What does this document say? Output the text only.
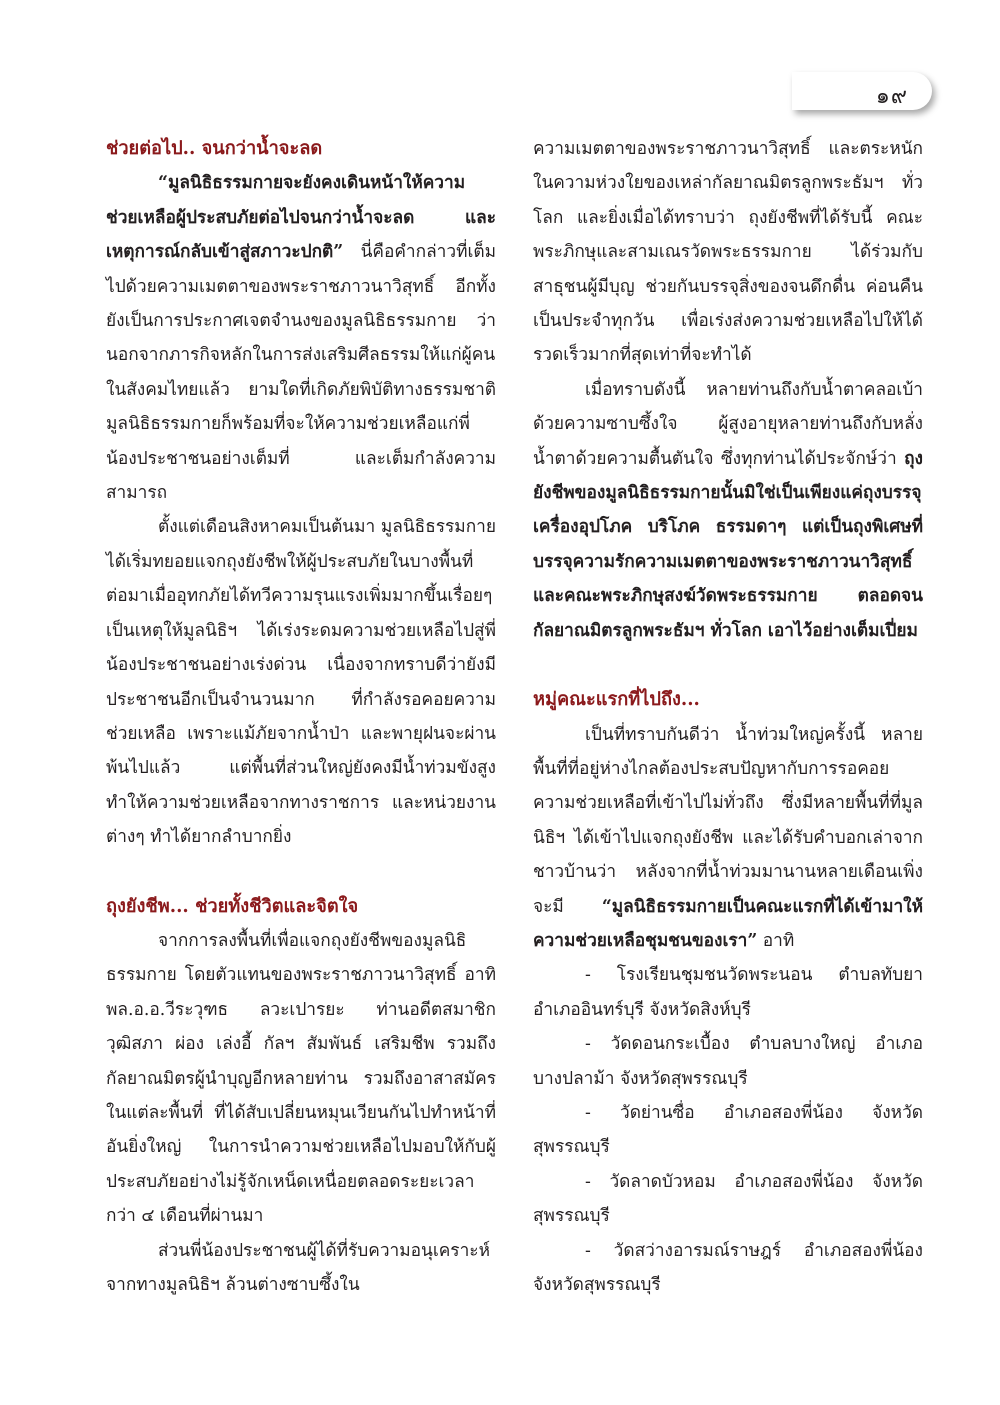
๑๙
ช่วยต่อไป.. จนกว่าน้ำจะลด

“มูลนิธิธรรมกายจะยังคงเดินหน้าให้ความช่วยเหลือผู้ประสบภัยต่อไปจนกว่าน้ำจะลด และเหตุการณ์กลับเข้าสู่สภาวะปกติ” นี่คือคำกล่าวที่เต็มไปด้วยความเมตตาของพระราชภาวนาวิสุทธิ์ อีกทั้งยังเป็นการประกาศเจตจำนงของมูลนิธิธรรมกาย ว่า นอกจากภารกิจหลักในการส่งเสริมศีลธรรมให้แก่ผู้คนในสังคมไทยแล้ว ยามใดที่เกิดภัยพิบัติทางธรรมชาติ มูลนิธิธรรมกายก็พร้อมที่จะให้ความช่วยเหลือแก่พี่น้องประชาชนอย่างเต็มที่ และเต็มกำลังความสามารถ

ตั้งแต่เดือนสิงหาคมเป็นต้นมา มูลนิธิธรรมกายได้เริ่มทยอยแจกถุงยังชีพให้ผู้ประสบภัยในบางพื้นที่ ต่อมาเมื่ออุทกภัยได้ทวีความรุนแรงเพิ่มมากขึ้นเรื่อยๆ เป็นเหตุให้มูลนิธิฯ ได้เร่งระดมความช่วยเหลือไปสู่พี่น้องประชาชนอย่างเร่งด่วน เนื่องจากทราบดีว่ายังมีประชาชนอีกเป็นจำนวนมาก ที่กำลังรอคอยความช่วยเหลือ เพราะแม้ภัยจากน้ำป่า และพายุฝนจะผ่านพ้นไปแล้ว แต่พื้นที่ส่วนใหญ่ยังคงมีน้ำท่วมขังสูง ทำให้ความช่วยเหลือจากทางราชการ และหน่วยงานต่างๆ ทำได้ยากลำบากยิ่ง

ถุงยังชีพ... ช่วยทั้งชีวิตและจิตใจ

จากการลงพื้นที่เพื่อแจกถุงยังชีพของมูลนิธิธรรมกาย โดยตัวแทนของพระราชภาวนาวิสุทธิ์ อาทิ พล.อ.อ.วีระวุฑธ ลวะเปารยะ ท่านอดีตสมาชิก วุฒิสภา ผ่อง เล่งอี้ กัลฯ สัมพันธ์ เสริมชีพ รวมถึงกัลยาณมิตรผู้นำบุญอีกหลายท่าน รวมถึงอาสาสมัครในแต่ละพื้นที่ ที่ได้สับเปลี่ยนหมุนเวียนกันไปทำหน้าที่อันยิ่งใหญ่ ในการนำความช่วยเหลือไปมอบให้กับผู้ประสบภัยอย่างไม่รู้จักเหน็ดเหนื่อยตลอดระยะเวลากว่า ๔ เดือนที่ผ่านมา

ส่วนพี่น้องประชาชนผู้ได้ที่รับความอนุเคราะห์จากทางมูลนิธิฯ ล้วนต่างซาบซึ้งใน

ความเมตตาของพระราชภาวนาวิสุทธิ์ และตระหนักในความห่วงใยของเหล่ากัลยาณมิตรลูกพระธัมฯ ทั่วโลก และยิ่งเมื่อได้ทราบว่า ถุงยังชีพที่ได้รับนี้ คณะพระภิกษุและสามเณรวัดพระธรรมกาย ได้ร่วมกับสาธุชนผู้มีบุญ ช่วยกันบรรจุสิ่งของจนดึกดื่น ค่อนคืน เป็นประจำทุกวัน เพื่อเร่งส่งความช่วยเหลือไปให้ได้รวดเร็วมากที่สุดเท่าที่จะทำได้

เมื่อทราบดังนี้ หลายท่านถึงกับน้ำตาคลอเบ้าด้วยความซาบซึ้งใจ ผู้สูงอายุหลายท่านถึงกับหลั่งน้ำตาด้วยความตื้นตันใจ ซึ่งทุกท่านได้ประจักษ์ว่า ถุงยังชีพของมูลนิธิธรรมกายนั้นมิใช่เป็นเพียงแค่ถุงบรรจุเครื่องอุปโภค บริโภค ธรรมดาๆ แต่เป็นถุงพิเศษที่บรรจุความรักความเมตตาของพระราชภาวนาวิสุทธิ์ และคณะพระภิกษุสงฆ์วัดพระธรรมกาย ตลอดจนกัลยาณมิตรลูกพระธัมฯ ทั่วโลก เอาไว้อย่างเต็มเปี่ยม

หมู่คณะแรกที่ไปถึง...

เป็นที่ทราบกันดีว่า น้ำท่วมใหญ่ครั้งนี้ หลายพื้นที่ที่อยู่ห่างไกลต้องประสบปัญหากับการรอคอยความช่วยเหลือที่เข้าไปไม่ทั่วถึง ซึ่งมีหลายพื้นที่ที่มูลนิธิฯ ได้เข้าไปแจกถุงยังชีพ และได้รับคำบอกเล่าจากชาวบ้านว่า หลังจากที่น้ำท่วมมานานหลายเดือนเพิ่งจะมี “มูลนิธิธรรมกายเป็นคณะแรกที่ได้เข้ามาให้ความช่วยเหลือชุมชนของเรา” อาทิ

- โรงเรียนชุมชนวัดพระนอน ตำบลทับยา อำเภออินทร์บุรี จังหวัดสิงห์บุรี

- วัดดอนกระเบื้อง ตำบลบางใหญ่ อำเภอบางปลาม้า จังหวัดสุพรรณบุรี

- วัดย่านซื่อ อำเภอสองพี่น้อง จังหวัดสุพรรณบุรี

- วัดลาดบัวหอม อำเภอสองพี่น้อง จังหวัดสุพรรณบุรี

- วัดสว่างอารมณ์ราษฎร์ อำเภอสองพี่น้อง จังหวัดสุพรรณบุรี
